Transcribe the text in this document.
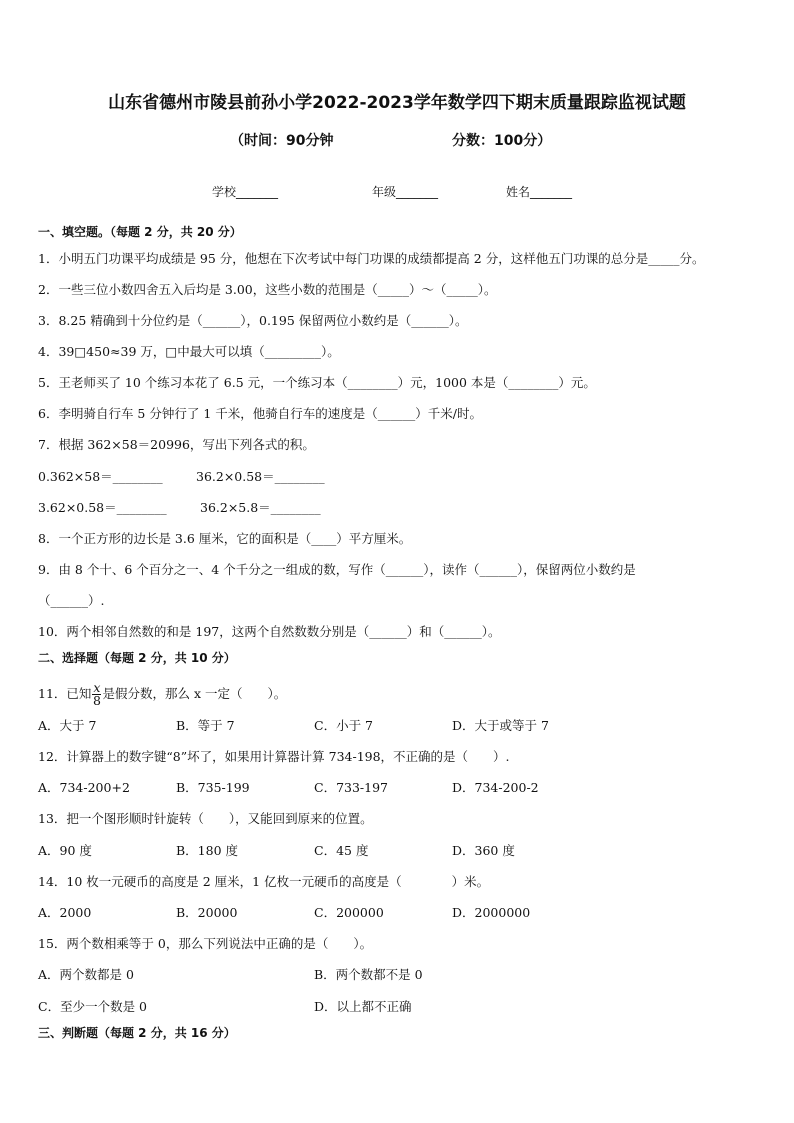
山东省德州市陵县前孙小学2022-2023学年数学四下期末质量跟踪监视试题
（时间：90分钟	分数：100分）
学校_______	年级_______	姓名_______
一、填空题。（每题 2 分，共 20 分）
1．小明五门功课平均成绩是 95 分，他想在下次考试中每门功课的成绩都提高 2 分，这样他五门功课的总分是_____分。
2．一些三位小数四舍五入后均是 3.00，这些小数的范围是（_____）～（_____）。
3．8.25 精确到十分位约是（______），0.195 保留两位小数约是（______）。
4．39□450≈39 万，□中最大可以填（_________）。
5．王老师买了 10 个练习本花了 6.5 元，一个练习本（________）元，1000 本是（________）元。
6．李明骑自行车 5 分钟行了 1 千米，他骑自行车的速度是（______）千米/时。
7．根据 362×58＝20996，写出下列各式的积。
0.362×58＝________	36.2×0.58＝________
3.62×0.58＝________	36.2×5.8＝________
8．一个正方形的边长是 3.6 厘米，它的面积是（____）平方厘米。
9．由 8 个十、6 个百分之一、4 个千分之一组成的数，写作（______），读作（______），保留两位小数约是
（______）.
10．两个相邻自然数的和是 197，这两个自然数数分别是（______）和（______）。
二、选择题（每题 2 分，共 10 分）
11．已知 $\frac{x}{8}$ 是假分数，那么 x 一定（　　）。
A．大于 7	B．等于 7	C．小于 7	D．大于或等于 7
12．计算器上的数字键“8”坏了，如果用计算器计算 734-198，不正确的是（　　）.
A．734-200+2	B．735-199	C．733-197	D．734-200-2
13．把一个图形顺时针旋转（　　），又能回到原来的位置。
A．90 度	B．180 度	C．45 度	D．360 度
14．10 枚一元硬币的高度是 2 厘米，1 亿枚一元硬币的高度是（　　　　）米。
A．2000	B．20000	C．200000	D．2000000
15．两个数相乘等于 0，那么下列说法中正确的是（　　）。
A．两个数都是 0	B．两个数都不是 0
C．至少一个数是 0	D．以上都不正确
三、判断题（每题 2 分，共 16 分）
